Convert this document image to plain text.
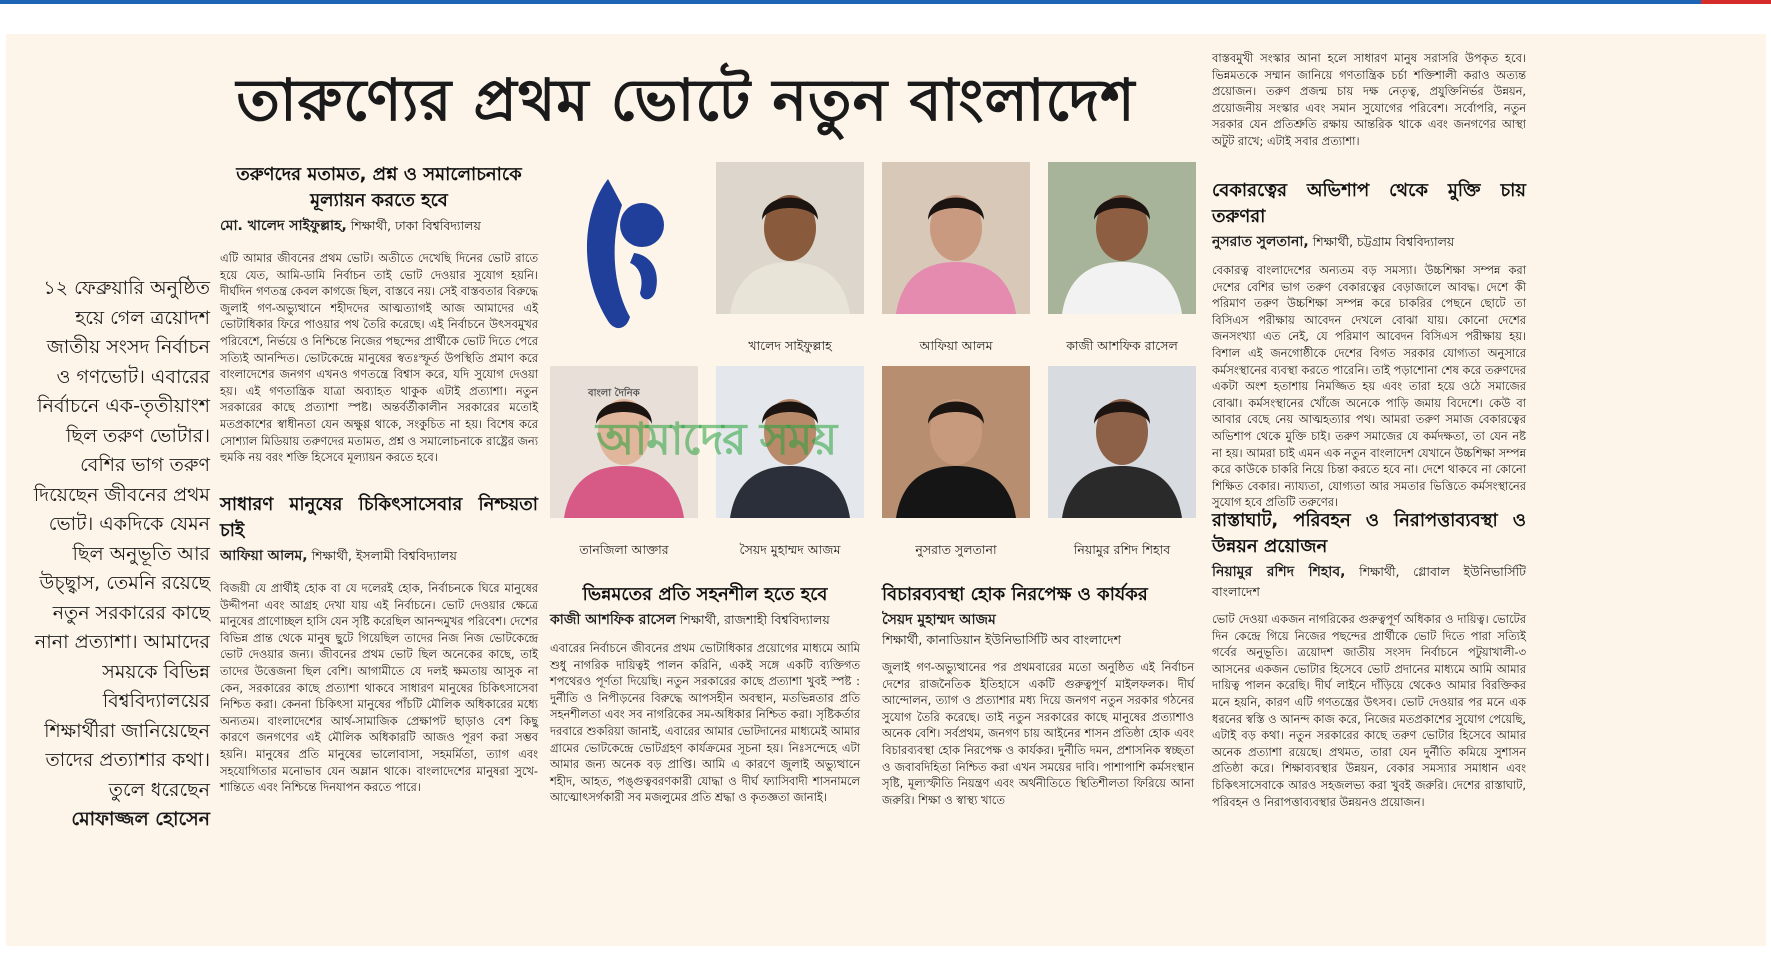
তারুণ্যের প্রথম ভোটে নতুন বাংলাদেশ
১২ ফেব্রুয়ারি অনুষ্ঠিত হয়ে গেল ত্রয়োদশ জাতীয় সংসদ নির্বাচন ও গণভোট। এবারের নির্বাচনে এক-তৃতীয়াংশ ছিল তরুণ ভোটার। বেশির ভাগ তরুণ দিয়েছেন জীবনের প্রথম ভোট। একদিকে যেমন ছিল অনুভূতি আর উচ্ছ্বাস, তেমনি রয়েছে নতুন সরকারের কাছে নানা প্রত্যাশা। আমাদের সময়কে বিভিন্ন বিশ্ববিদ্যালয়ের শিক্ষার্থীরা জানিয়েছেন তাদের প্রত্যাশার কথা। তুলে ধরেছেন
মোফাজ্জল হোসেন
তরুণদের মতামত, প্রশ্ন ও সমালোচনাকে মূল্যায়ন করতে হবে
মো. খালেদ সাইফুল্লাহ, শিক্ষার্থী, ঢাকা বিশ্ববিদ্যালয়

এটি আমার জীবনের প্রথম ভোট। অতীতে দেখেছি দিনের ভোট রাতে হয়ে যেত, আমি-ডামি নির্বাচন তাই ভোট দেওয়ার সুযোগ হয়নি। দীর্ঘদিন গণতন্ত্র কেবল কাগজে ছিল, বাস্তবে নয়। সেই বাস্তবতার বিরুদ্ধে জুলাই গণ-অভ্যুত্থানে শহীদদের আত্মত্যাগই আজ আমাদের এই ভোটাধিকার ফিরে পাওয়ার পথ তৈরি করেছে। এই নির্বাচনে উৎসবমুখর পরিবেশে, নির্ভয়ে ও নিশ্চিন্তে নিজের পছন্দের প্রার্থীকে ভোট দিতে পেরে সত্যিই আনন্দিত। ভোটকেন্দ্রে মানুষের স্বতঃস্ফূর্ত উপস্থিতি প্রমাণ করে বাংলাদেশের জনগণ এখনও গণতন্ত্রে বিশ্বাস করে, যদি সুযোগ দেওয়া হয়। এই গণতান্ত্রিক যাত্রা অব্যাহত থাকুক এটাই প্রত্যাশা। নতুন সরকারের কাছে প্রত্যাশা স্পষ্ট। অন্তর্বর্তীকালীন সরকারের মতোই মতপ্রকাশের স্বাধীনতা যেন অক্ষুণ্ণ থাকে, সংকুচিত না হয়। বিশেষ করে সোশ্যাল মিডিয়ায় তরুণদের মতামত, প্রশ্ন ও সমালোচনাকে রাষ্ট্রের জন্য হুমকি নয় বরং শক্তি হিসেবে মূল্যায়ন করতে হবে।

সাধারণ মানুষের চিকিৎসাসেবার নিশ্চয়তা চাই
আফিয়া আলম, শিক্ষার্থী, ইসলামী বিশ্ববিদ্যালয়

বিজয়ী যে প্রার্থীই হোক বা যে দলেরই হোক, নির্বাচনকে ঘিরে মানুষের উদ্দীপনা এবং আগ্রহ দেখা যায় এই নির্বাচনে। ভোট দেওয়ার ক্ষেত্রে মানুষের প্রাণোচ্ছল হাসি যেন সৃষ্টি করেছিল আনন্দমুখর পরিবেশ। দেশের বিভিন্ন প্রান্ত থেকে মানুষ ছুটে গিয়েছিল তাদের নিজ নিজ ভোটকেন্দ্রে ভোট দেওয়ার জন্য। জীবনের প্রথম ভোট ছিল অনেকের কাছে, তাই তাদের উত্তেজনা ছিল বেশি। আগামীতে যে দলই ক্ষমতায় আসুক না কেন, সরকারের কাছে প্রত্যাশা থাকবে সাধারণ মানুষের চিকিৎসাসেবা নিশ্চিত করা। কেননা চিকিৎসা মানুষের পাঁচটি মৌলিক অধিকারের মধ্যে অন্যতম। বাংলাদেশের আর্থ-সামাজিক প্রেক্ষাপট ছাড়াও বেশ কিছু কারণে জনগণের এই মৌলিক অধিকারটি আজও পূরণ করা সম্ভব হয়নি। মানুষের প্রতি মানুষের ভালোবাসা, সহমর্মিতা, ত্যাগ এবং সহযোগিতার মনোভাব যেন অম্লান থাকে। বাংলাদেশের মানুষরা সুখে-শান্তিতে এবং নিশ্চিন্তে দিনযাপন করতে পারে।

খালেদ সাইফুল্লাহ	আফিয়া আলম	কাজী আশফিক রাসেল
তানজিলা আক্তার	সৈয়দ মুহাম্মদ আজম	নুসরাত সুলতানা	নিয়ামুর রশিদ শিহাব
বাংলা দৈনিক
আমাদের সময়
ভিন্নমতের প্রতি সহনশীল হতে হবে
কাজী আশফিক রাসেল শিক্ষার্থী, রাজশাহী বিশ্ববিদ্যালয়

এবারের নির্বাচনে জীবনের প্রথম ভোটাধিকার প্রয়োগের মাধ্যমে আমি শুধু নাগরিক দায়িত্বই পালন করিনি, একই সঙ্গে একটি ব্যক্তিগত শপথেরও পূর্ণতা দিয়েছি। নতুন সরকারের কাছে প্রত্যাশা খুবই স্পষ্ট : দুর্নীতি ও নিপীড়নের বিরুদ্ধে আপসহীন অবস্থান, মতভিন্নতার প্রতি সহনশীলতা এবং সব নাগরিকের সম-অধিকার নিশ্চিত করা। সৃষ্টিকর্তার দরবারে শুকরিয়া জানাই, এবারের আমার ভোটদানের মাধ্যমেই আমার গ্রামের ভোটকেন্দ্রে ভোটগ্রহণ কার্যক্রমের সূচনা হয়। নিঃসন্দেহে এটা আমার জন্য অনেক বড় প্রাপ্তি। আমি এ কারণে জুলাই অভ্যুত্থানে শহীদ, আহত, পঙ্গুত্ববরণকারী যোদ্ধা ও দীর্ঘ ফ্যাসিবাদী শাসনামলে আত্মোৎসর্গকারী সব মজলুমের প্রতি শ্রদ্ধা ও কৃতজ্ঞতা জানাই।

বিচারব্যবস্থা হোক নিরপেক্ষ ও কার্যকর
সৈয়দ মুহাম্মদ আজম
শিক্ষার্থী, কানাডিয়ান ইউনিভার্সিটি অব বাংলাদেশ

জুলাই গণ-অভ্যুত্থানের পর প্রথমবারের মতো অনুষ্ঠিত এই নির্বাচন দেশের রাজনৈতিক ইতিহাসে একটি গুরুত্বপূর্ণ মাইলফলক। দীর্ঘ আন্দোলন, ত্যাগ ও প্রত্যাশার মধ্য দিয়ে জনগণ নতুন সরকার গঠনের সুযোগ তৈরি করেছে। তাই নতুন সরকারের কাছে মানুষের প্রত্যাশাও অনেক বেশি। সর্বপ্রথম, জনগণ চায় আইনের শাসন প্রতিষ্ঠা হোক এবং বিচারব্যবস্থা হোক নিরপেক্ষ ও কার্যকর। দুর্নীতি দমন, প্রশাসনিক স্বচ্ছতা ও জবাবদিহিতা নিশ্চিত করা এখন সময়ের দাবি। পাশাপাশি কর্মসংস্থান সৃষ্টি, মূল্যস্ফীতি নিয়ন্ত্রণ এবং অর্থনীতিতে স্থিতিশীলতা ফিরিয়ে আনা জরুরি। শিক্ষা ও স্বাস্থ্য খাতে

বাস্তবমুখী সংস্কার আনা হলে সাধারণ মানুষ সরাসরি উপকৃত হবে। ভিন্নমতকে সম্মান জানিয়ে গণতান্ত্রিক চর্চা শক্তিশালী করাও অত্যন্ত প্রয়োজন। তরুণ প্রজন্ম চায় দক্ষ নেতৃত্ব, প্রযুক্তিনির্ভর উন্নয়ন, প্রয়োজনীয় সংস্কার এবং সমান সুযোগের পরিবেশ। সর্বোপরি, নতুন সরকার যেন প্রতিশ্রুতি রক্ষায় আন্তরিক থাকে এবং জনগণের আস্থা অটুট রাখে; এটাই সবার প্রত্যাশা।

বেকারত্বের অভিশাপ থেকে মুক্তি চায় তরুণরা
নুসরাত সুলতানা, শিক্ষার্থী, চট্টগ্রাম বিশ্ববিদ্যালয়

বেকারত্ব বাংলাদেশের অন্যতম বড় সমস্যা। উচ্চশিক্ষা সম্পন্ন করা দেশের বেশির ভাগ তরুণ বেকারত্বের বেড়াজালে আবদ্ধ। দেশে কী পরিমাণ তরুণ উচ্চশিক্ষা সম্পন্ন করে চাকরির পেছনে ছোটে তা বিসিএস পরীক্ষায় আবেদন দেখলে বোঝা যায়। কোনো দেশের জনসংখ্যা এত নেই, যে পরিমাণ আবেদন বিসিএস পরীক্ষায় হয়। বিশাল এই জনগোষ্ঠীকে দেশের বিগত সরকার যোগ্যতা অনুসারে কর্মসংস্থানের ব্যবস্থা করতে পারেনি। তাই পড়াশোনা শেষ করে তরুণদের একটা অংশ হতাশায় নিমজ্জিত হয় এবং তারা হয়ে ওঠে সমাজের বোঝা। কর্মসংস্থানের খোঁজে অনেকে পাড়ি জমায় বিদেশে। কেউ বা আবার বেছে নেয় আত্মহত্যার পথ। আমরা তরুণ সমাজ বেকারত্বের অভিশাপ থেকে মুক্তি চাই। তরুণ সমাজের যে কর্মদক্ষতা, তা যেন নষ্ট না হয়। আমরা চাই এমন এক নতুন বাংলাদেশ যেখানে উচ্চশিক্ষা সম্পন্ন করে কাউকে চাকরি নিয়ে চিন্তা করতে হবে না। দেশে থাকবে না কোনো শিক্ষিত বেকার। ন্যায্যতা, যোগ্যতা আর সমতার ভিত্তিতে কর্মসংস্থানের সুযোগ হবে প্রতিটি তরুণের।

রাস্তাঘাট, পরিবহন ও নিরাপত্তাব্যবস্থা ও উন্নয়ন প্রয়োজন
নিয়ামুর রশিদ শিহাব, শিক্ষার্থী, গ্লোবাল ইউনিভার্সিটি বাংলাদেশ

ভোট দেওয়া একজন নাগরিকের গুরুত্বপূর্ণ অধিকার ও দায়িত্ব। ভোটের দিন কেন্দ্রে গিয়ে নিজের পছন্দের প্রার্থীকে ভোট দিতে পারা সত্যিই গর্বের অনুভূতি। ত্রয়োদশ জাতীয় সংসদ নির্বাচনে পটুয়াখালী-৩ আসনের একজন ভোটার হিসেবে ভোট প্রদানের মাধ্যমে আমি আমার দায়িত্ব পালন করেছি। দীর্ঘ লাইনে দাঁড়িয়ে থেকেও আমার বিরক্তিকর মনে হয়নি, কারণ এটি গণতন্ত্রের উৎসব। ভোট দেওয়ার পর মনে এক ধরনের স্বস্তি ও আনন্দ কাজ করে, নিজের মতপ্রকাশের সুযোগ পেয়েছি, এটাই বড় কথা। নতুন সরকারের কাছে তরুণ ভোটার হিসেবে আমার অনেক প্রত্যাশা রয়েছে। প্রথমত, তারা যেন দুর্নীতি কমিয়ে সুশাসন প্রতিষ্ঠা করে। শিক্ষাব্যবস্থার উন্নয়ন, বেকার সমস্যার সমাধান এবং চিকিৎসাসেবাকে আরও সহজলভ্য করা খুবই জরুরি। দেশের রাস্তাঘাট, পরিবহন ও নিরাপত্তাব্যবস্থার উন্নয়নও প্রয়োজন।
